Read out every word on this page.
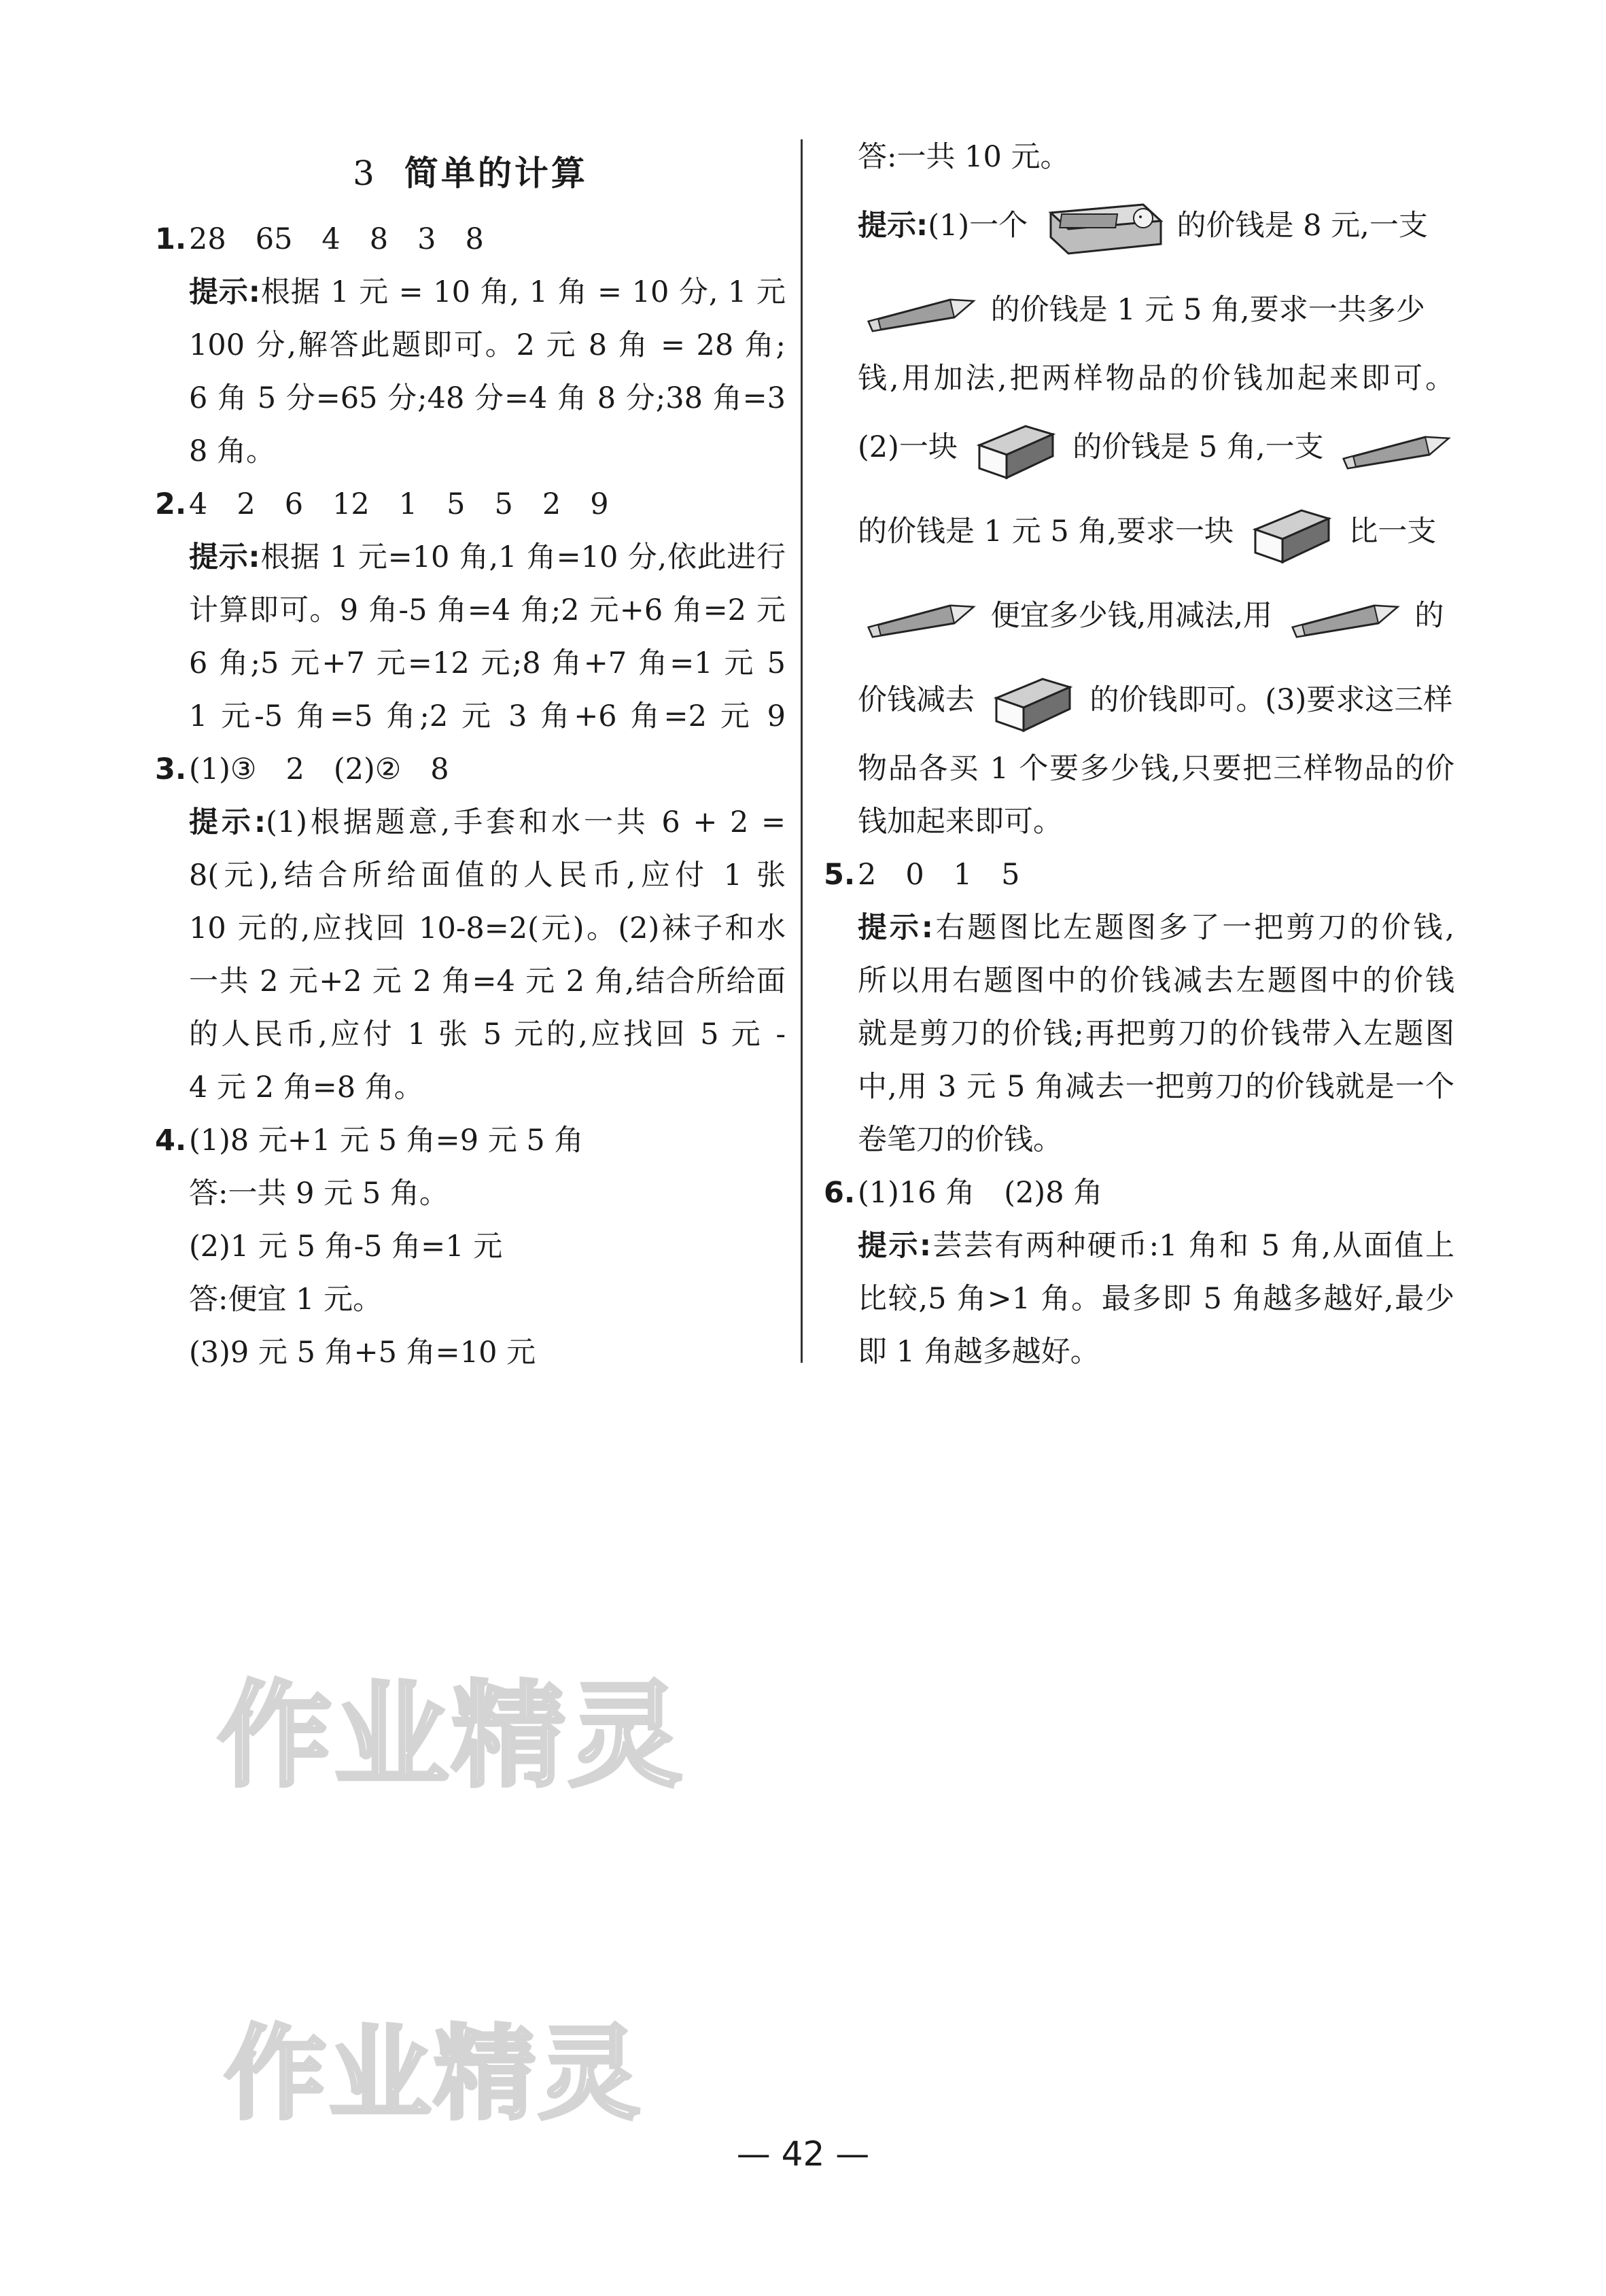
3 简单的计算
1.28　65　4　8　3　8
提示:根据 1 元 = 10 角, 1 角 = 10 分, 1 元
100 分,解答此题即可。2 元 8 角 = 28 角;
6 角 5 分=65 分;48 分=4 角 8 分;38 角=3
8 角。
2.4　2　6　12　1　5　5　2　9
提示:根据 1 元=10 角,1 角=10 分,依此进行
计算即可。9 角-5 角=4 角;2 元+6 角=2 元
6 角;5 元+7 元=12 元;8 角+7 角=1 元 5
1 元-5 角=5 角;2 元 3 角+6 角=2 元 9
3.(1)③　2　(2)②　8
提示:(1)根据题意,手套和水一共 6 + 2 =
8(元),结合所给面值的人民币,应付 1 张
10 元的,应找回 10-8=2(元)。(2)袜子和水
一共 2 元+2 元 2 角=4 元 2 角,结合所给面
的人民币,应付 1 张 5 元的,应找回 5 元 -
4 元 2 角=8 角。
4.(1)8 元+1 元 5 角=9 元 5 角
答:一共 9 元 5 角。
(2)1 元 5 角-5 角=1 元
答:便宜 1 元。
(3)9 元 5 角+5 角=10 元
答:一共 10 元。
提示:(1)一个	的价钱是 8 元,一支
的价钱是 1 元 5 角,要求一共多少
钱,用加法,把两样物品的价钱加起来即可。
(2)一块	的价钱是 5 角,一支
的价钱是 1 元 5 角,要求一块	比一支
便宜多少钱,用减法,用	的
价钱减去	的价钱即可。(3)要求这三样
物品各买 1 个要多少钱,只要把三样物品的价
钱加起来即可。
5.2　0　1　5
提示:右题图比左题图多了一把剪刀的价钱,
所以用右题图中的价钱减去左题图中的价钱
就是剪刀的价钱;再把剪刀的价钱带入左题图
中,用 3 元 5 角减去一把剪刀的价钱就是一个
卷笔刀的价钱。
6.(1)16 角　(2)8 角
提示:芸芸有两种硬币:1 角和 5 角,从面值上
比较,5 角>1 角。最多即 5 角越多越好,最少
即 1 角越多越好。
作业精灵
作业精灵
— 42 —
